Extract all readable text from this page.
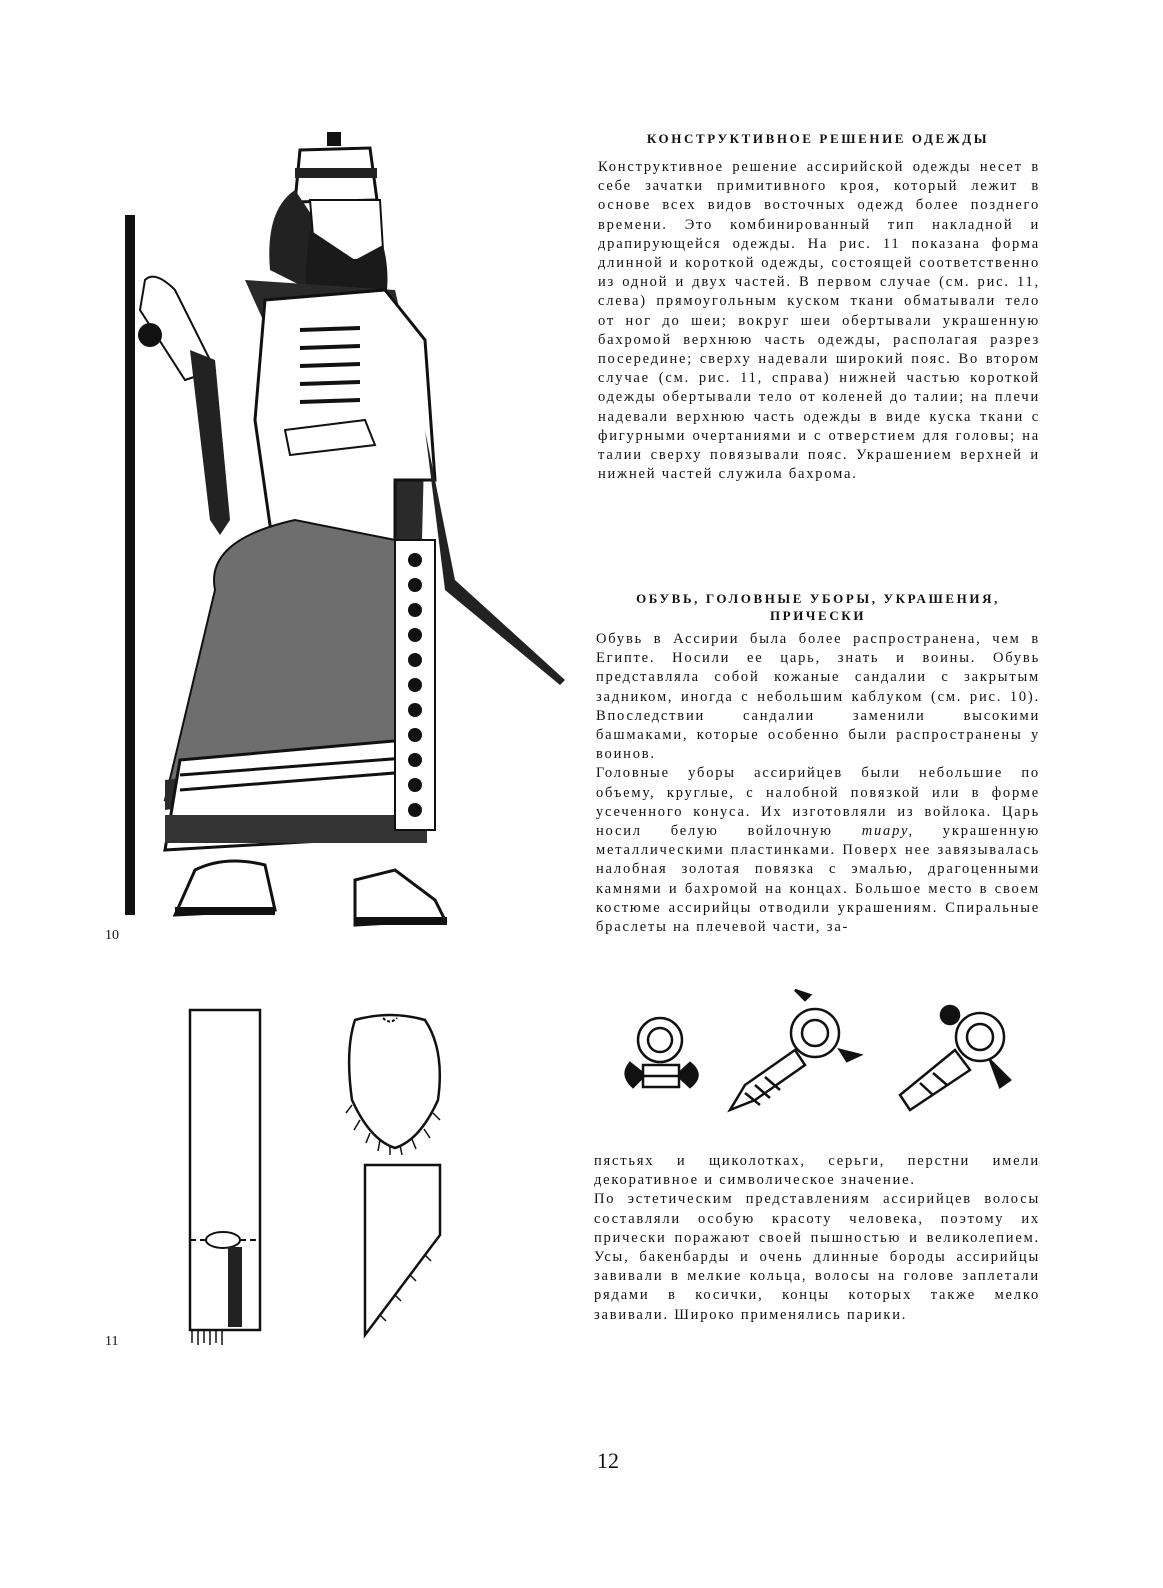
10
11
КОНСТРУКТИВНОЕ РЕШЕНИЕ ОДЕЖДЫ

Конструктивное решение ассирийской одежды несет в себе зачатки примитивного кроя, который лежит в основе всех видов восточных одежд более позднего времени. Это комбинированный тип накладной и драпирующейся одежды. На рис. 11 показана форма длинной и короткой одежды, состоящей соответственно из одной и двух частей. В первом случае (см. рис. 11, слева) прямоугольным куском ткани обматывали тело от ног до шеи; вокруг шеи обертывали украшенную бахромой верхнюю часть одежды, располагая разрез посередине; сверху надевали широкий пояс. Во втором случае (см. рис. 11, справа) нижней частью короткой одежды обертывали тело от коленей до талии; на плечи надевали верхнюю часть одежды в виде куска ткани с фигурными очертаниями и с отверстием для головы; на талии сверху повязывали пояс. Украшением верхней и нижней частей служила бахрома.

ОБУВЬ, ГОЛОВНЫЕ УБОРЫ, УКРАШЕНИЯ, ПРИЧЕСКИ

Обувь в Ассирии была более распространена, чем в Египте. Носили ее царь, знать и воины. Обувь представляла собой кожаные сандалии с закрытым задником, иногда с небольшим каблуком (см. рис. 10). Впоследствии сандалии заменили высокими башмаками, которые особенно были распространены у воинов.

Головные уборы ассирийцев были небольшие по объему, круглые, с налобной повязкой или в форме усеченного конуса. Их изготовляли из войлока. Царь носил белую войлочную тиару, украшенную металлическими пластинками. Поверх нее завязывалась налобная золотая повязка с эмалью, драгоценными камнями и бахромой на концах. Большое место в своем костюме ассирийцы отводили украшениям. Спиральные браслеты на плечевой части, за-

пястьях и щиколотках, серьги, перстни имели декоративное и символическое значение.

По эстетическим представлениям ассирийцев волосы составляли особую красоту человека, поэтому их прически поражают своей пышностью и великолепием. Усы, бакенбарды и очень длинные бороды ассирийцы завивали в мелкие кольца, волосы на голове заплетали рядами в косички, концы которых также мелко завивали. Широко применялись парики.

12
